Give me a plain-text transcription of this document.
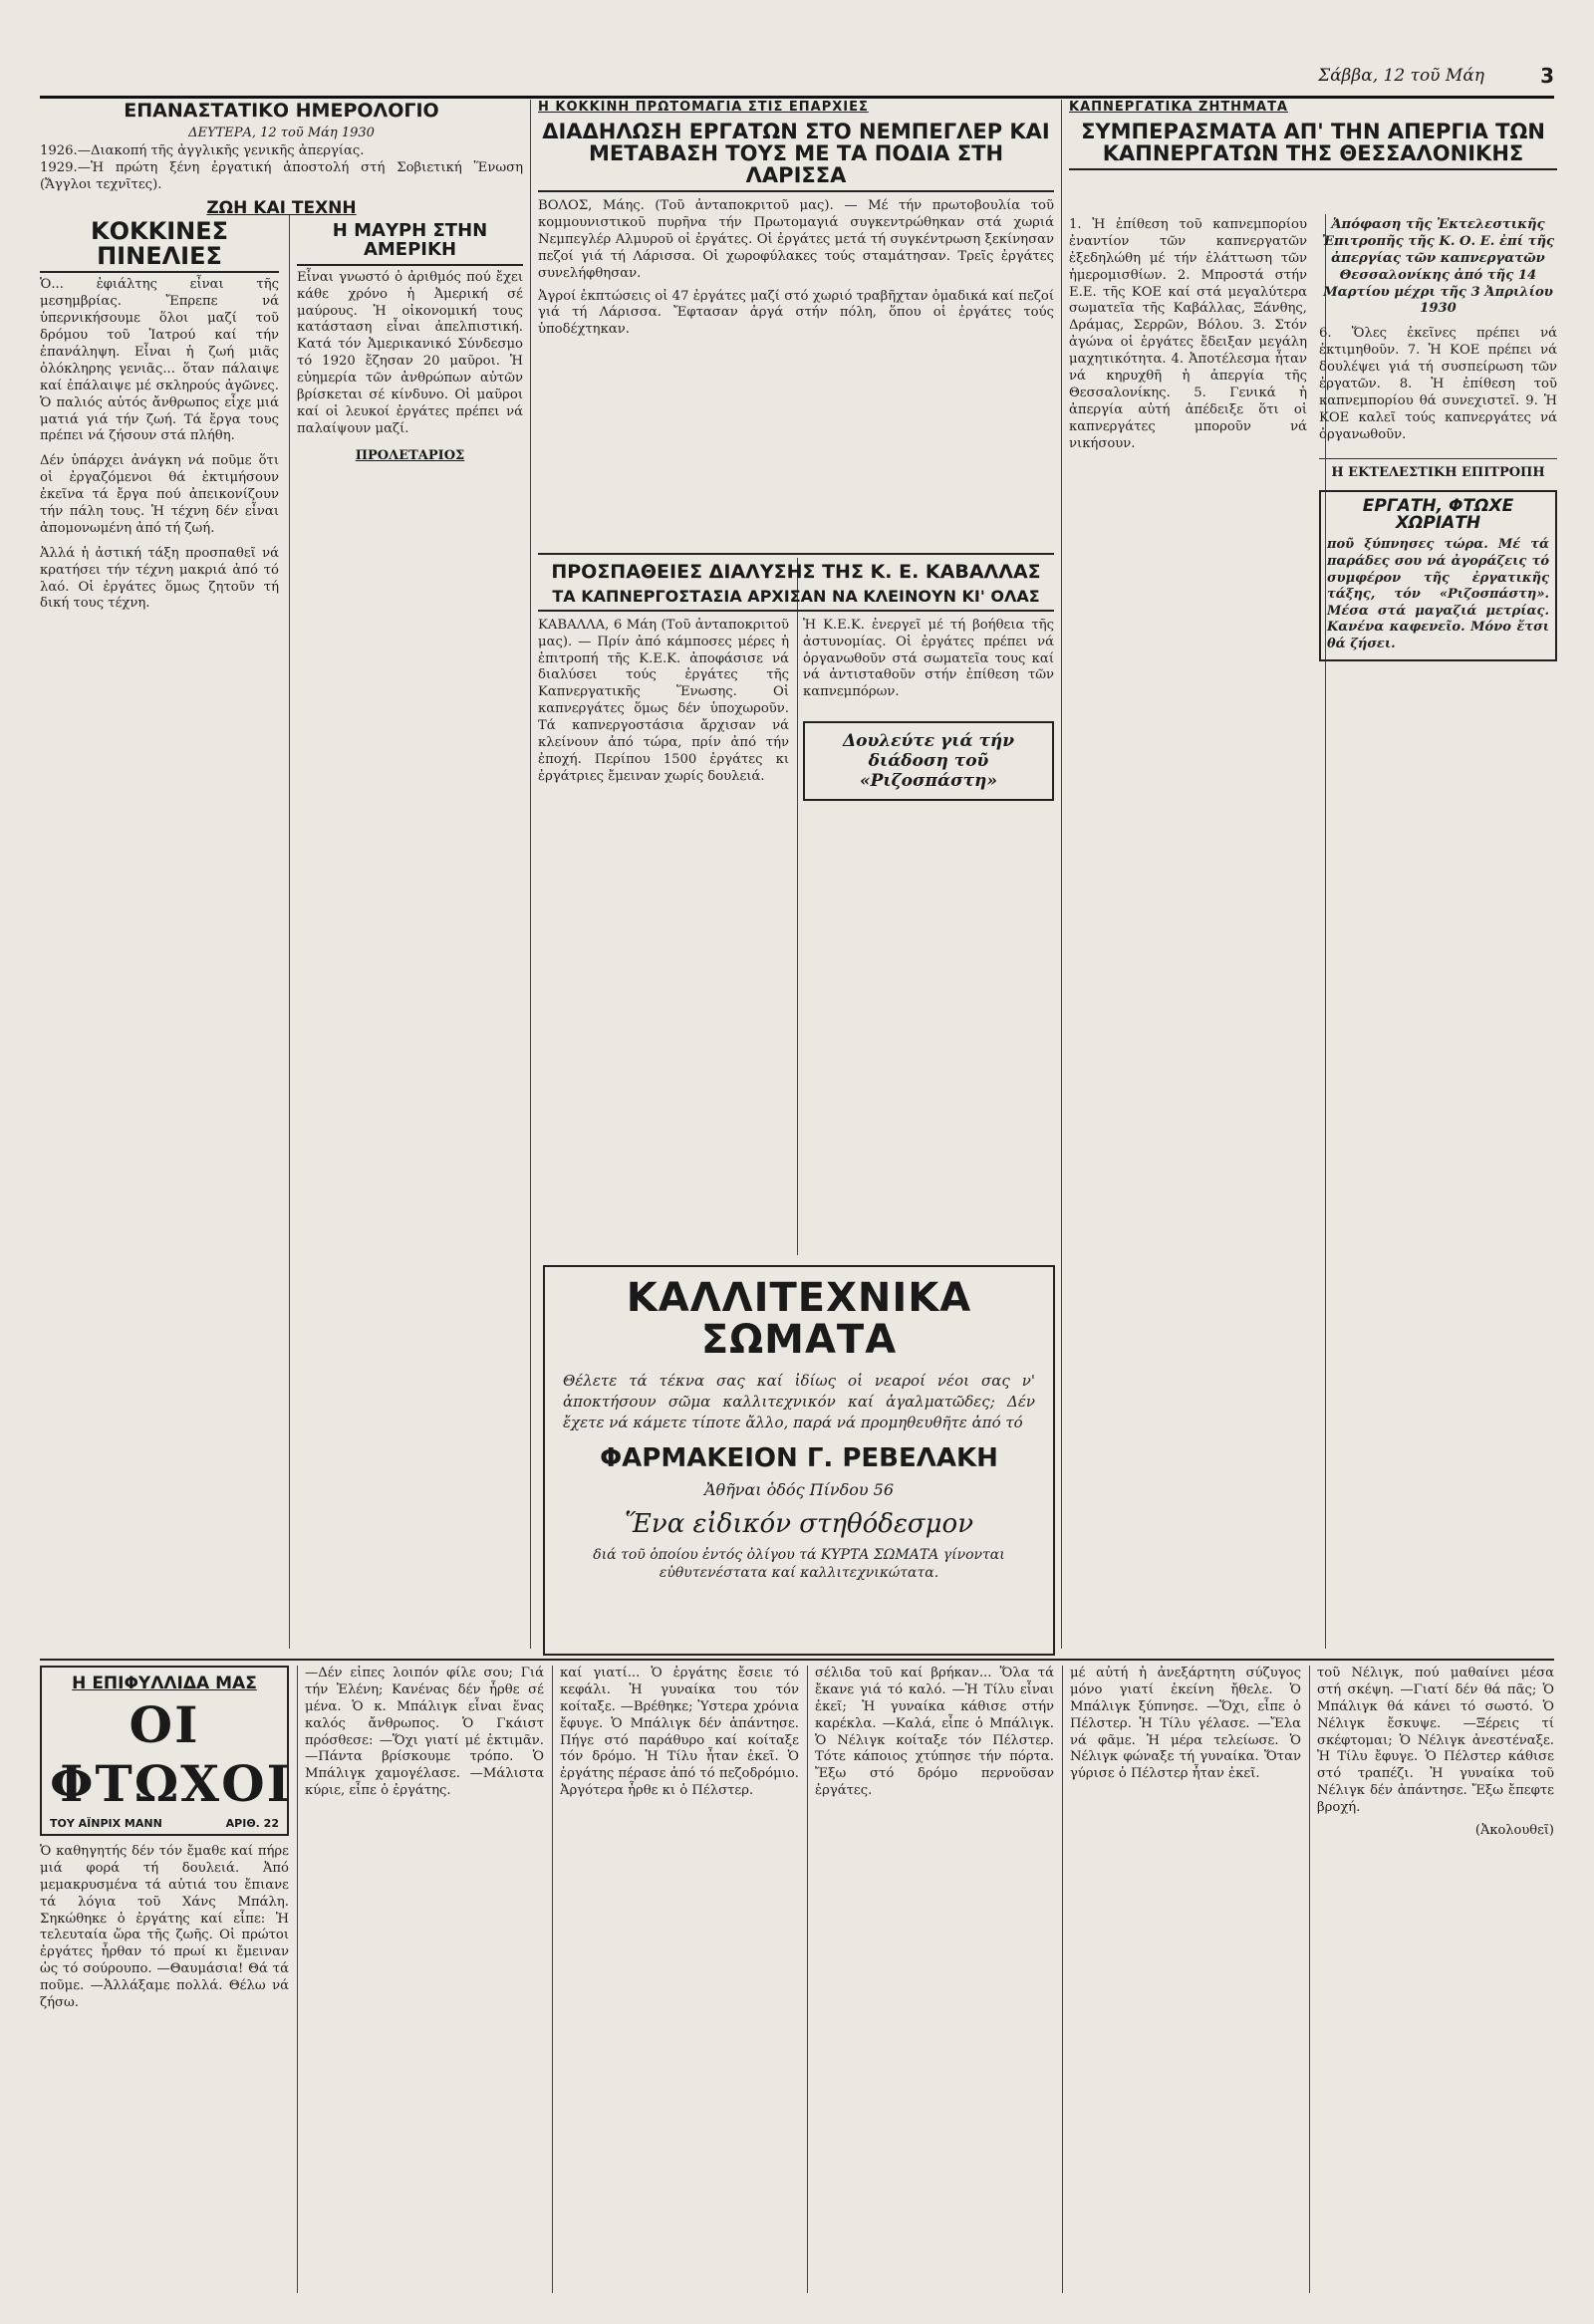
Σάββα, 12 τοῦ Μάη	3
ΕΠΑΝΑΣΤΑΤΙΚΟ ΗΜΕΡΟΛΟΓΙΟ
ΔΕΥΤΕΡΑ, 12 τοῦ Μάη 1930

1926.—Διακοπή τῆς ἀγγλικῆς γενικῆς ἀπεργίας.

1929.—Ἡ πρώτη ξένη ἐργατική ἀποστολή στή Σοβιετική Ἕνωση (Ἄγγλοι τεχνῖτες).

ΖΩΗ ΚΑΙ ΤΕΧΝΗ
ΚΟΚΚΙΝΕΣ ΠΙΝΕΛΙΕΣ

Ὁ... ἐφιάλτης εἶναι τῆς μεσημβρίας. Ἔπρεπε νά ὑπερνικήσουμε ὅλοι μαζί τοῦ δρόμου τοῦ Ἰατρού καί τήν ἐπανάληψη. Εἶναι ἡ ζωή μιᾶς ὁλόκληρης γενιᾶς... ὅταν πάλαιψε καί ἐπάλαιψε μέ σκληρούς ἀγῶνες. Ὁ παλιός αὐτός ἄνθρωπος εἶχε μιά ματιά γιά τήν ζωή. Τά ἔργα τους πρέπει νά ζήσουν στά πλήθη.

Δέν ὑπάρχει ἀνάγκη νά ποῦμε ὅτι οἱ ἐργαζόμενοι θά ἐκτιμήσουν ἐκεῖνα τά ἔργα πού ἀπεικονίζουν τήν πάλη τους. Ἡ τέχνη δέν εἶναι ἀπομονωμένη ἀπό τή ζωή.

Ἀλλά ἡ ἀστική τάξη προσπαθεῖ νά κρατήσει τήν τέχνη μακριά ἀπό τό λαό. Οἱ ἐργάτες ὅμως ζητοῦν τή δική τους τέχνη.

Η ΜΑΥΡΗ ΣΤΗΝ ΑΜΕΡΙΚΗ

Εἶναι γνωστό ὁ ἀριθμός πού ἔχει κάθε χρόνο ἡ Ἀμερική σέ μαύρους. Ἡ οἰκονομική τους κατάσταση εἶναι ἀπελπιστική. Κατά τόν Ἀμερικανικό Σύνδεσμο τό 1920 ἔζησαν 20 μαῦροι. Ἡ εὐημερία τῶν ἀνθρώπων αὐτῶν βρίσκεται σέ κίνδυνο. Οἱ μαῦροι καί οἱ λευκοί ἐργάτες πρέπει νά παλαίψουν μαζί.

ΠΡΟΛΕΤΑΡΙΟΣ
Η ΚΟΚΚΙΝΗ ΠΡΩΤΟΜΑΓΙΑ ΣΤΙΣ ΕΠΑΡΧΙΕΣ
ΔΙΑΔΗΛΩΣΗ ΕΡΓΑΤΩΝ ΣΤΟ ΝΕΜΠΕΓΛΕΡ ΚΑΙ ΜΕΤΑΒΑΣΗ ΤΟΥΣ ΜΕ ΤΑ ΠΟΔΙΑ ΣΤΗ ΛΑΡΙΣΣΑ

ΒΟΛΟΣ, Μάης. (Τοῦ ἀνταποκριτοῦ μας). — Μέ τήν πρωτοβουλία τοῦ κομμουνιστικοῦ πυρῆνα τήν Πρωτομαγιά συγκεντρώθηκαν στά χωριά Νεμπεγλέρ Αλμυροῦ οἱ ἐργάτες. Οἱ ἐργάτες μετά τή συγκέντρωση ξεκίνησαν πεζοί γιά τή Λάρισσα. Οἱ χωροφύλακες τούς σταμάτησαν. Τρεῖς ἐργάτες συνελήφθησαν.

Ἀγροί ἐκπτώσεις οἱ 47 ἐργάτες μαζί στό χωριό τραβῆχταν ὁμαδικά καί πεζοί γιά τή Λάρισσα. Ἔφτασαν ἀργά στήν πόλη, ὅπου οἱ ἐργάτες τούς ὑποδέχτηκαν.

ΠΡΟΣΠΑΘΕΙΕΣ ΔΙΑΛΥΣΗΣ ΤΗΣ Κ. Ε. ΚΑΒΑΛΛΑΣ
ΤΑ ΚΑΠΝΕΡΓΟΣΤΑΣΙΑ ΑΡΧΙΣΑΝ ΝΑ ΚΛΕΙΝΟΥΝ ΚΙ' ΟΛΑΣ

ΚΑΒΑΛΛΑ, 6 Μάη (Τοῦ ἀνταποκριτοῦ μας). — Πρίν ἀπό κάμποσες μέρες ἡ ἐπιτροπή τῆς Κ.Ε.Κ. ἀποφάσισε νά διαλύσει τούς ἐργάτες τῆς Καπνεργατικῆς Ἕνωσης. Οἱ καπνεργάτες ὅμως δέν ὑποχωροῦν. Τά καπνεργοστάσια ἄρχισαν νά κλείνουν ἀπό τώρα, πρίν ἀπό τήν ἐποχή. Περίπου 1500 ἐργάτες κι ἐργάτριες ἔμειναν χωρίς δουλειά.

Ἡ Κ.Ε.Κ. ἐνεργεῖ μέ τή βοήθεια τῆς ἀστυνομίας. Οἱ ἐργάτες πρέπει νά ὀργανωθοῦν στά σωματεῖα τους καί νά ἀντισταθοῦν στήν ἐπίθεση τῶν καπνεμπόρων.

Δουλεύτε γιά τήν διάδοση τοῦ
«Ριζοσπάστη»
ΚΑΛΛΙΤΕΧΝΙΚΑ ΣΩΜΑΤΑ

Θέλετε τά τέκνα σας καί ἰδίως οἱ νεαροί νέοι σας ν' ἀποκτήσουν σῶμα καλλιτεχνικόν καί ἀγαλματῶδες; Δέν ἔχετε νά κάμετε τίποτε ἄλλο, παρά νά προμηθευθῆτε ἀπό τό

ΦΑΡΜΑΚΕΙΟΝ Γ. ΡΕΒΕΛΑΚΗ
Ἀθῆναι ὁδός Πίνδου 56
Ἕνα εἰδικόν στηθόδεσμον

διά τοῦ ὁποίου ἐντός ὀλίγου τά ΚΥΡΤΑ ΣΩΜΑΤΑ γίνονται εὐθυτενέστατα καί καλλιτεχνικώτατα.

ΚΑΠΝΕΡΓΑΤΙΚΑ ΖΗΤΗΜΑΤΑ
ΣΥΜΠΕΡΑΣΜΑΤΑ ΑΠ' ΤΗΝ ΑΠΕΡΓΙΑ ΤΩΝ ΚΑΠΝΕΡΓΑΤΩΝ ΤΗΣ ΘΕΣΣΑΛΟΝΙΚΗΣ

1. Ἡ ἐπίθεση τοῦ καπνεμπορίου ἐναντίον τῶν καπνεργατῶν ἐξεδηλώθη μέ τήν ἐλάττωση τῶν ἡμερομισθίων. 2. Μπροστά στήν Ε.Ε. τῆς ΚΟΕ καί στά μεγαλύτερα σωματεῖα τῆς Καβάλλας, Ξάνθης, Δράμας, Σερρῶν, Βόλου. 3. Στόν ἀγώνα οἱ ἐργάτες ἔδειξαν μεγάλη μαχητικότητα. 4. Ἀποτέλεσμα ἦταν νά κηρυχθῆ ἡ ἀπεργία τῆς Θεσσαλονίκης. 5. Γενικά ἡ ἀπεργία αὐτή ἀπέδειξε ὅτι οἱ καπνεργάτες μποροῦν νά νικήσουν.

Ἀπόφαση τῆς Ἐκτελεστικῆς Ἐπιτροπῆς τῆς Κ. Ο. Ε. ἐπί τῆς ἀπεργίας τῶν καπνεργατῶν Θεσσαλονίκης ἀπό τῆς 14 Μαρτίου μέχρι τῆς 3 Ἀπριλίου 1930

6. Ὅλες ἐκεῖνες πρέπει νά ἐκτιμηθοῦν. 7. Ἡ ΚΟΕ πρέπει νά δουλέψει γιά τή συσπείρωση τῶν ἐργατῶν. 8. Ἡ ἐπίθεση τοῦ καπνεμπορίου θά συνεχιστεῖ. 9. Ἡ ΚΟΕ καλεῖ τούς καπνεργάτες νά ὀργανωθοῦν.

Η ΕΚΤΕΛΕΣΤΙΚΗ ΕΠΙΤΡΟΠΗ
ΕΡΓΑΤΗ, ΦΤΩΧΕ ΧΩΡΙΑΤΗ

ποῦ ξύπνησες τώρα. Μέ τά παράδες σου νά ἀγοράζεις τό συμφέρον τῆς ἐργατικῆς τάξης, τόν «Ριζοσπάστη». Μέσα στά μαγαζιά μετρίας. Κανένα καφενεῖο. Μόνο ἔτσι θά ζήσει.

Η ΕΠΙΦΥΛΛΙΔΑ ΜΑΣ
ΟΙ ΦΤΩΧΟΙ
ΤΟΥ ΑΪΝΡΙΧ ΜΑΝΝ	ΑΡΙΘ. 22

Ὁ καθηγητής δέν τόν ἔμαθε καί πήρε μιά φορά τή δουλειά. Ἀπό μεμακρυσμένα τά αὐτιά του ἔπιανε τά λόγια τοῦ Χάνς Μπάλη. Σηκώθηκε ὁ ἐργάτης καί εἶπε: Ἡ τελευταία ὥρα τῆς ζωῆς. Οἱ πρώτοι ἐργάτες ἦρθαν τό πρωί κι ἔμειναν ὡς τό σούρουπο. —Θαυμάσια! Θά τά ποῦμε. —Ἀλλάξαμε πολλά. Θέλω νά ζήσω.

—Δέν εἶπες λοιπόν φίλε σου; Γιά τήν Ἑλένη; Κανένας δέν ἦρθε σέ μένα. Ὁ κ. Μπάλιγκ εἶναι ἕνας καλός ἄνθρωπος. Ὁ Γκάιστ πρόσθεσε: —Ὅχι γιατί μέ ἐκτιμᾶν. —Πάντα βρίσκουμε τρόπο. Ὁ Μπάλιγκ χαμογέλασε. —Μάλιστα κύριε, εἶπε ὁ ἐργάτης.

καί γιατί... Ὁ ἐργάτης ἔσειε τό κεφάλι. Ἡ γυναίκα του τόν κοίταξε. —Βρέθηκε; Ὑστερα χρόνια ἔφυγε. Ὁ Μπάλιγκ δέν ἀπάντησε. Πήγε στό παράθυρο καί κοίταξε τόν δρόμο. Ἡ Τίλυ ἦταν ἐκεῖ. Ὁ ἐργάτης πέρασε ἀπό τό πεζοδρόμιο. Ἀργότερα ἦρθε κι ὁ Πέλστερ.

σέλιδα τοῦ καί βρήκαν... Ὅλα τά ἔκανε γιά τό καλό. —Ἡ Τίλυ εἶναι ἐκεῖ; Ἡ γυναίκα κάθισε στήν καρέκλα. —Καλά, εἶπε ὁ Μπάλιγκ. Ὁ Νέλιγκ κοίταξε τόν Πέλστερ. Τότε κάποιος χτύπησε τήν πόρτα. Ἔξω στό δρόμο περνοῦσαν ἐργάτες.

μέ αὐτή ἡ ἀνεξάρτητη σύζυγος μόνο γιατί ἐκείνη ἤθελε. Ὁ Μπάλιγκ ξύπνησε. —Ὅχι, εἶπε ὁ Πέλστερ. Ἡ Τίλυ γέλασε. —Ἔλα νά φᾶμε. Ἡ μέρα τελείωσε. Ὁ Νέλιγκ φώναξε τή γυναίκα. Ὅταν γύρισε ὁ Πέλστερ ἦταν ἐκεῖ.

τοῦ Νέλιγκ, πού μαθαίνει μέσα στή σκέψη. —Γιατί δέν θά πᾶς; Ὁ Μπάλιγκ θά κάνει τό σωστό. Ὁ Νέλιγκ ἔσκυψε. —Ξέρεις τί σκέφτομαι; Ὁ Νέλιγκ ἀνεστέναξε. Ἡ Τίλυ ἔφυγε. Ὁ Πέλστερ κάθισε στό τραπέζι. Ἡ γυναίκα τοῦ Νέλιγκ δέν ἀπάντησε. Ἔξω ἔπεφτε βροχή.

(Ἀκολουθεῖ)
